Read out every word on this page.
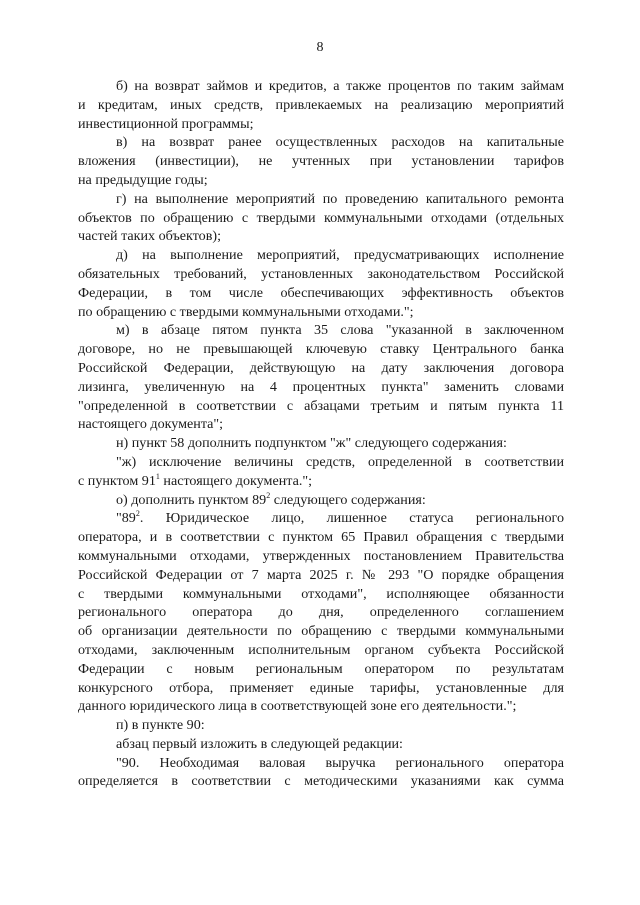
8

б) на возврат займов и кредитов, а также процентов по таким займам

и кредитам, иных средств, привлекаемых на реализацию мероприятий

инвестиционной программы;

в) на возврат ранее осуществленных расходов на капитальные

вложения (инвестиции), не учтенных при установлении тарифов

на предыдущие годы;

г) на выполнение мероприятий по проведению капитального ремонта

объектов по обращению с твердыми коммунальными отходами (отдельных

частей таких объектов);

д) на выполнение мероприятий, предусматривающих исполнение

обязательных требований, установленных законодательством Российской

Федерации, в том числе обеспечивающих эффективность объектов

по обращению с твердыми коммунальными отходами.";

м) в абзаце пятом пункта 35 слова "указанной в заключенном

договоре, но не превышающей ключевую ставку Центрального банка

Российской Федерации, действующую на дату заключения договора

лизинга, увеличенную на 4 процентных пункта" заменить словами

"определенной в соответствии с абзацами третьим и пятым пункта 11

настоящего документа";

н) пункт 58 дополнить подпунктом "ж" следующего содержания:

"ж) исключение величины средств, определенной в соответствии

с пунктом $91^1$ настоящего документа.";

о) дополнить пунктом $89^2$ следующего содержания:

"$89^2$. Юридическое лицо, лишенное статуса регионального

оператора, и в соответствии с пунктом 65 Правил обращения с твердыми

коммунальными отходами, утвержденных постановлением Правительства

Российской Федерации от 7 марта 2025 г. № 293 "О порядке обращения

с твердыми коммунальными отходами", исполняющее обязанности

регионального оператора до дня, определенного соглашением

об организации деятельности по обращению с твердыми коммунальными

отходами, заключенным исполнительным органом субъекта Российской

Федерации с новым региональным оператором по результатам

конкурсного отбора, применяет единые тарифы, установленные для

данного юридического лица в соответствующей зоне его деятельности.";

п) в пункте 90:

абзац первый изложить в следующей редакции:

"90. Необходимая валовая выручка регионального оператора

определяется в соответствии с методическими указаниями как сумма
